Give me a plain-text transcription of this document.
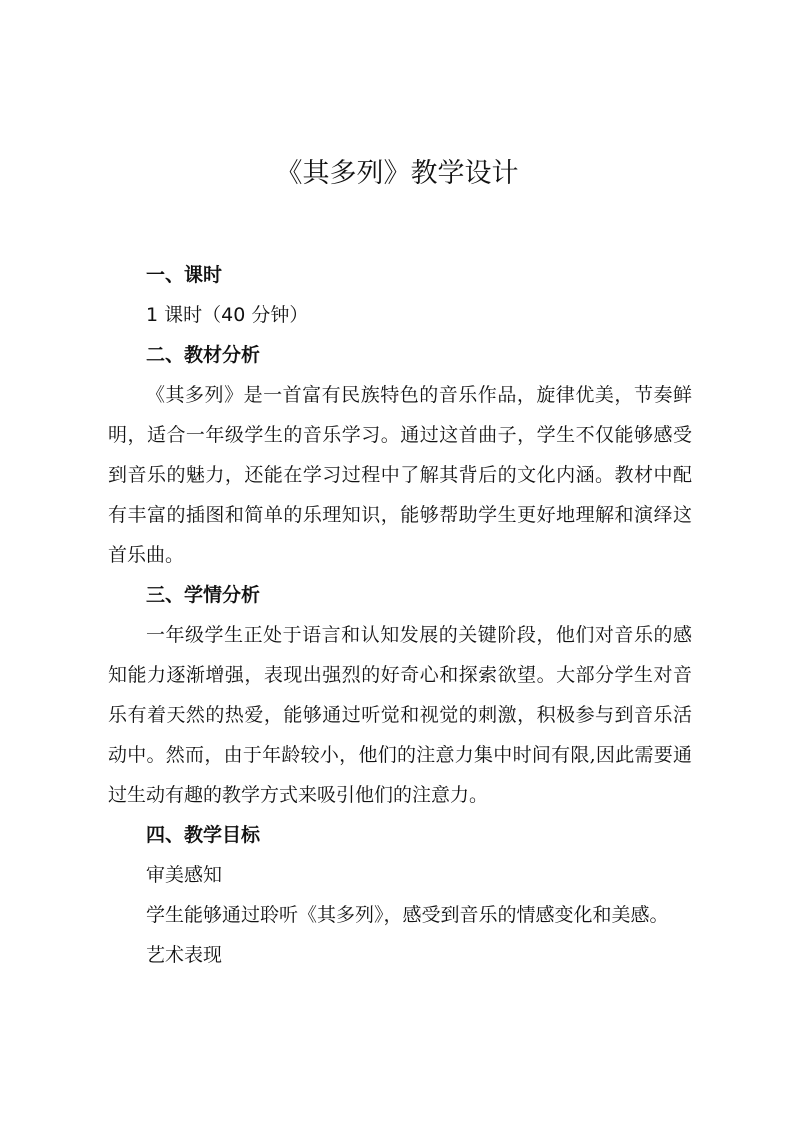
《其多列》教学设计

一、课时

1 课时（40 分钟）

二、教材分析

《其多列》是一首富有民族特色的音乐作品，旋律优美，节奏鲜明，适合一年级学生的音乐学习。通过这首曲子，学生不仅能够感受到音乐的魅力，还能在学习过程中了解其背后的文化内涵。教材中配有丰富的插图和简单的乐理知识，能够帮助学生更好地理解和演绎这首乐曲。

三、学情分析

一年级学生正处于语言和认知发展的关键阶段，他们对音乐的感知能力逐渐增强，表现出强烈的好奇心和探索欲望。大部分学生对音乐有着天然的热爱，能够通过听觉和视觉的刺激，积极参与到音乐活动中。然而，由于年龄较小，他们的注意力集中时间有限,因此需要通过生动有趣的教学方式来吸引他们的注意力。

四、教学目标

审美感知

学生能够通过聆听《其多列》，感受到音乐的情感变化和美感。

艺术表现
